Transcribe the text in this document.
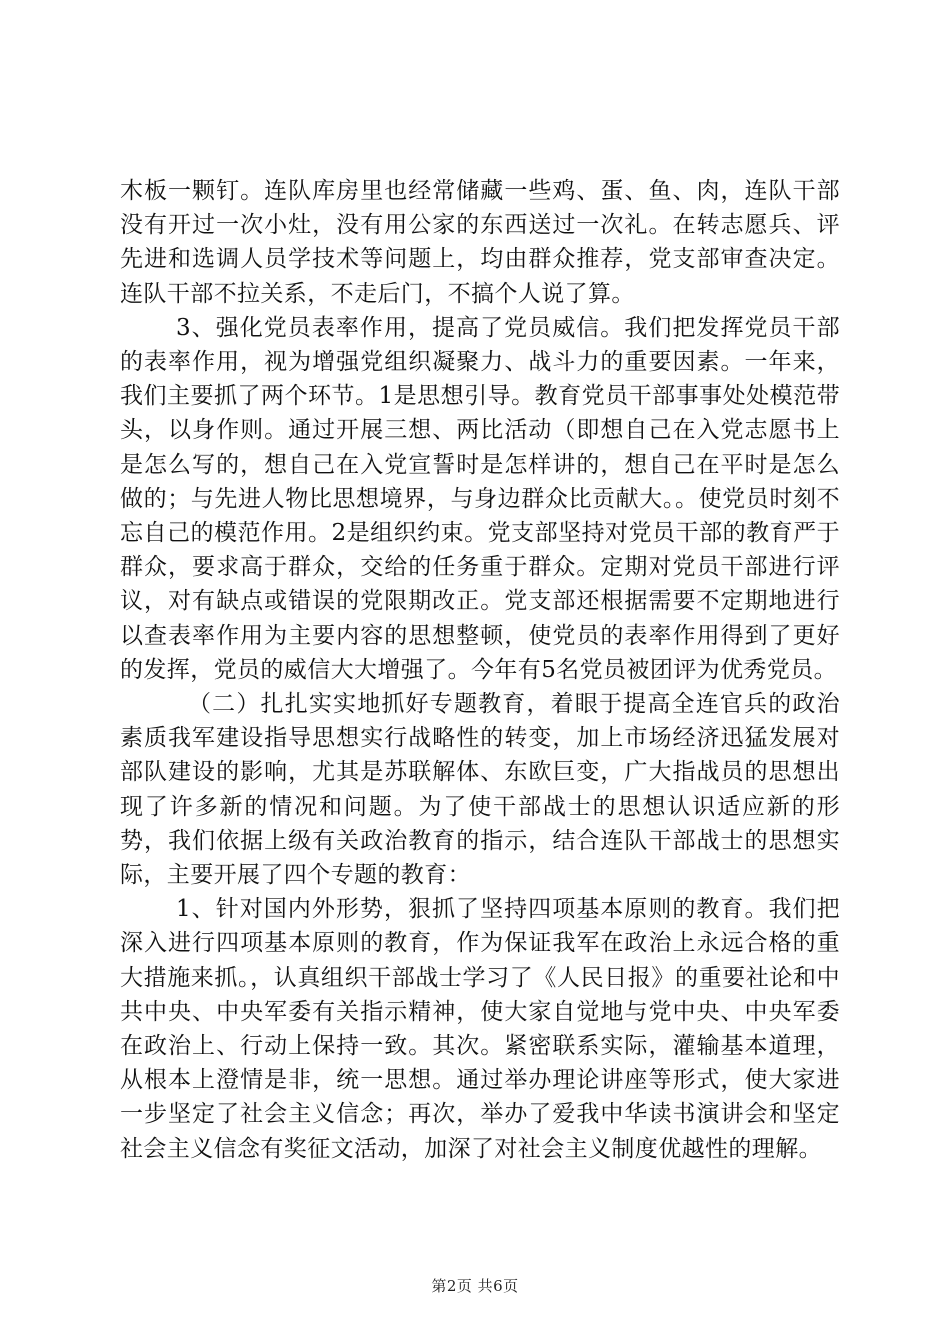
木板一颗钉。连队库房里也经常储藏一些鸡、蛋、鱼、肉，连队干部没有开过一次小灶，没有用公家的东西送过一次礼。在转志愿兵、评先进和选调人员学技术等问题上，均由群众推荐，党支部审查决定。连队干部不拉关系，不走后门，不搞个人说了算。

3、强化党员表率作用，提高了党员威信。我们把发挥党员干部的表率作用，视为增强党组织凝聚力、战斗力的重要因素。一年来，我们主要抓了两个环节。1是思想引导。教育党员干部事事处处模范带头，以身作则。通过开展三想、两比活动（即想自己在入党志愿书上是怎么写的，想自己在入党宣誓时是怎样讲的，想自己在平时是怎么做的；与先进人物比思想境界，与身边群众比贡献大。。使党员时刻不忘自己的模范作用。2是组织约束。党支部坚持对党员干部的教育严于群众，要求高于群众，交给的任务重于群众。定期对党员干部进行评议，对有缺点或错误的党限期改正。党支部还根据需要不定期地进行以查表率作用为主要内容的思想整顿，使党员的表率作用得到了更好的发挥，党员的威信大大增强了。今年有5名党员被团评为优秀党员。

（二）扎扎实实地抓好专题教育，着眼于提高全连官兵的政治素质我军建设指导思想实行战略性的转变，加上市场经济迅猛发展对部队建设的影响，尤其是苏联解体、东欧巨变，广大指战员的思想出现了许多新的情况和问题。为了使干部战士的思想认识适应新的形势，我们依据上级有关政治教育的指示，结合连队干部战士的思想实际，主要开展了四个专题的教育：

1、针对国内外形势，狠抓了坚持四项基本原则的教育。我们把深入进行四项基本原则的教育，作为保证我军在政治上永远合格的重大措施来抓。，认真组织干部战士学习了《人民日报》的重要社论和中共中央、中央军委有关指示精神，使大家自觉地与党中央、中央军委在政治上、行动上保持一致。其次。紧密联系实际，灌输基本道理，从根本上澄情是非，统一思想。通过举办理论讲座等形式，使大家进一步坚定了社会主义信念；再次，举办了爱我中华读书演讲会和坚定社会主义信念有奖征文活动，加深了对社会主义制度优越性的理解。

第2页 共6页
